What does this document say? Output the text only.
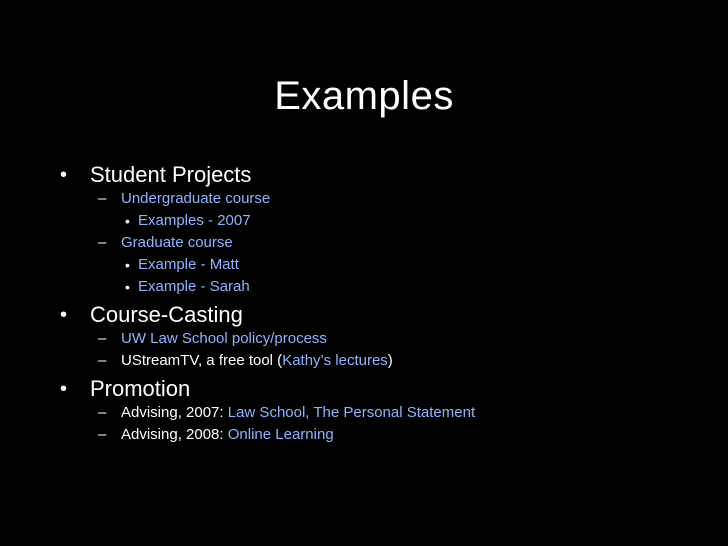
Examples
• Student Projects
– Undergraduate course
• Examples - 2007
– Graduate course
• Example - Matt
• Example - Sarah
• Course-Casting
– UW Law School policy/process
– UStreamTV, a free tool (Kathy’s lectures)
• Promotion
– Advising, 2007: Law School, The Personal Statement
– Advising, 2008: Online Learning
